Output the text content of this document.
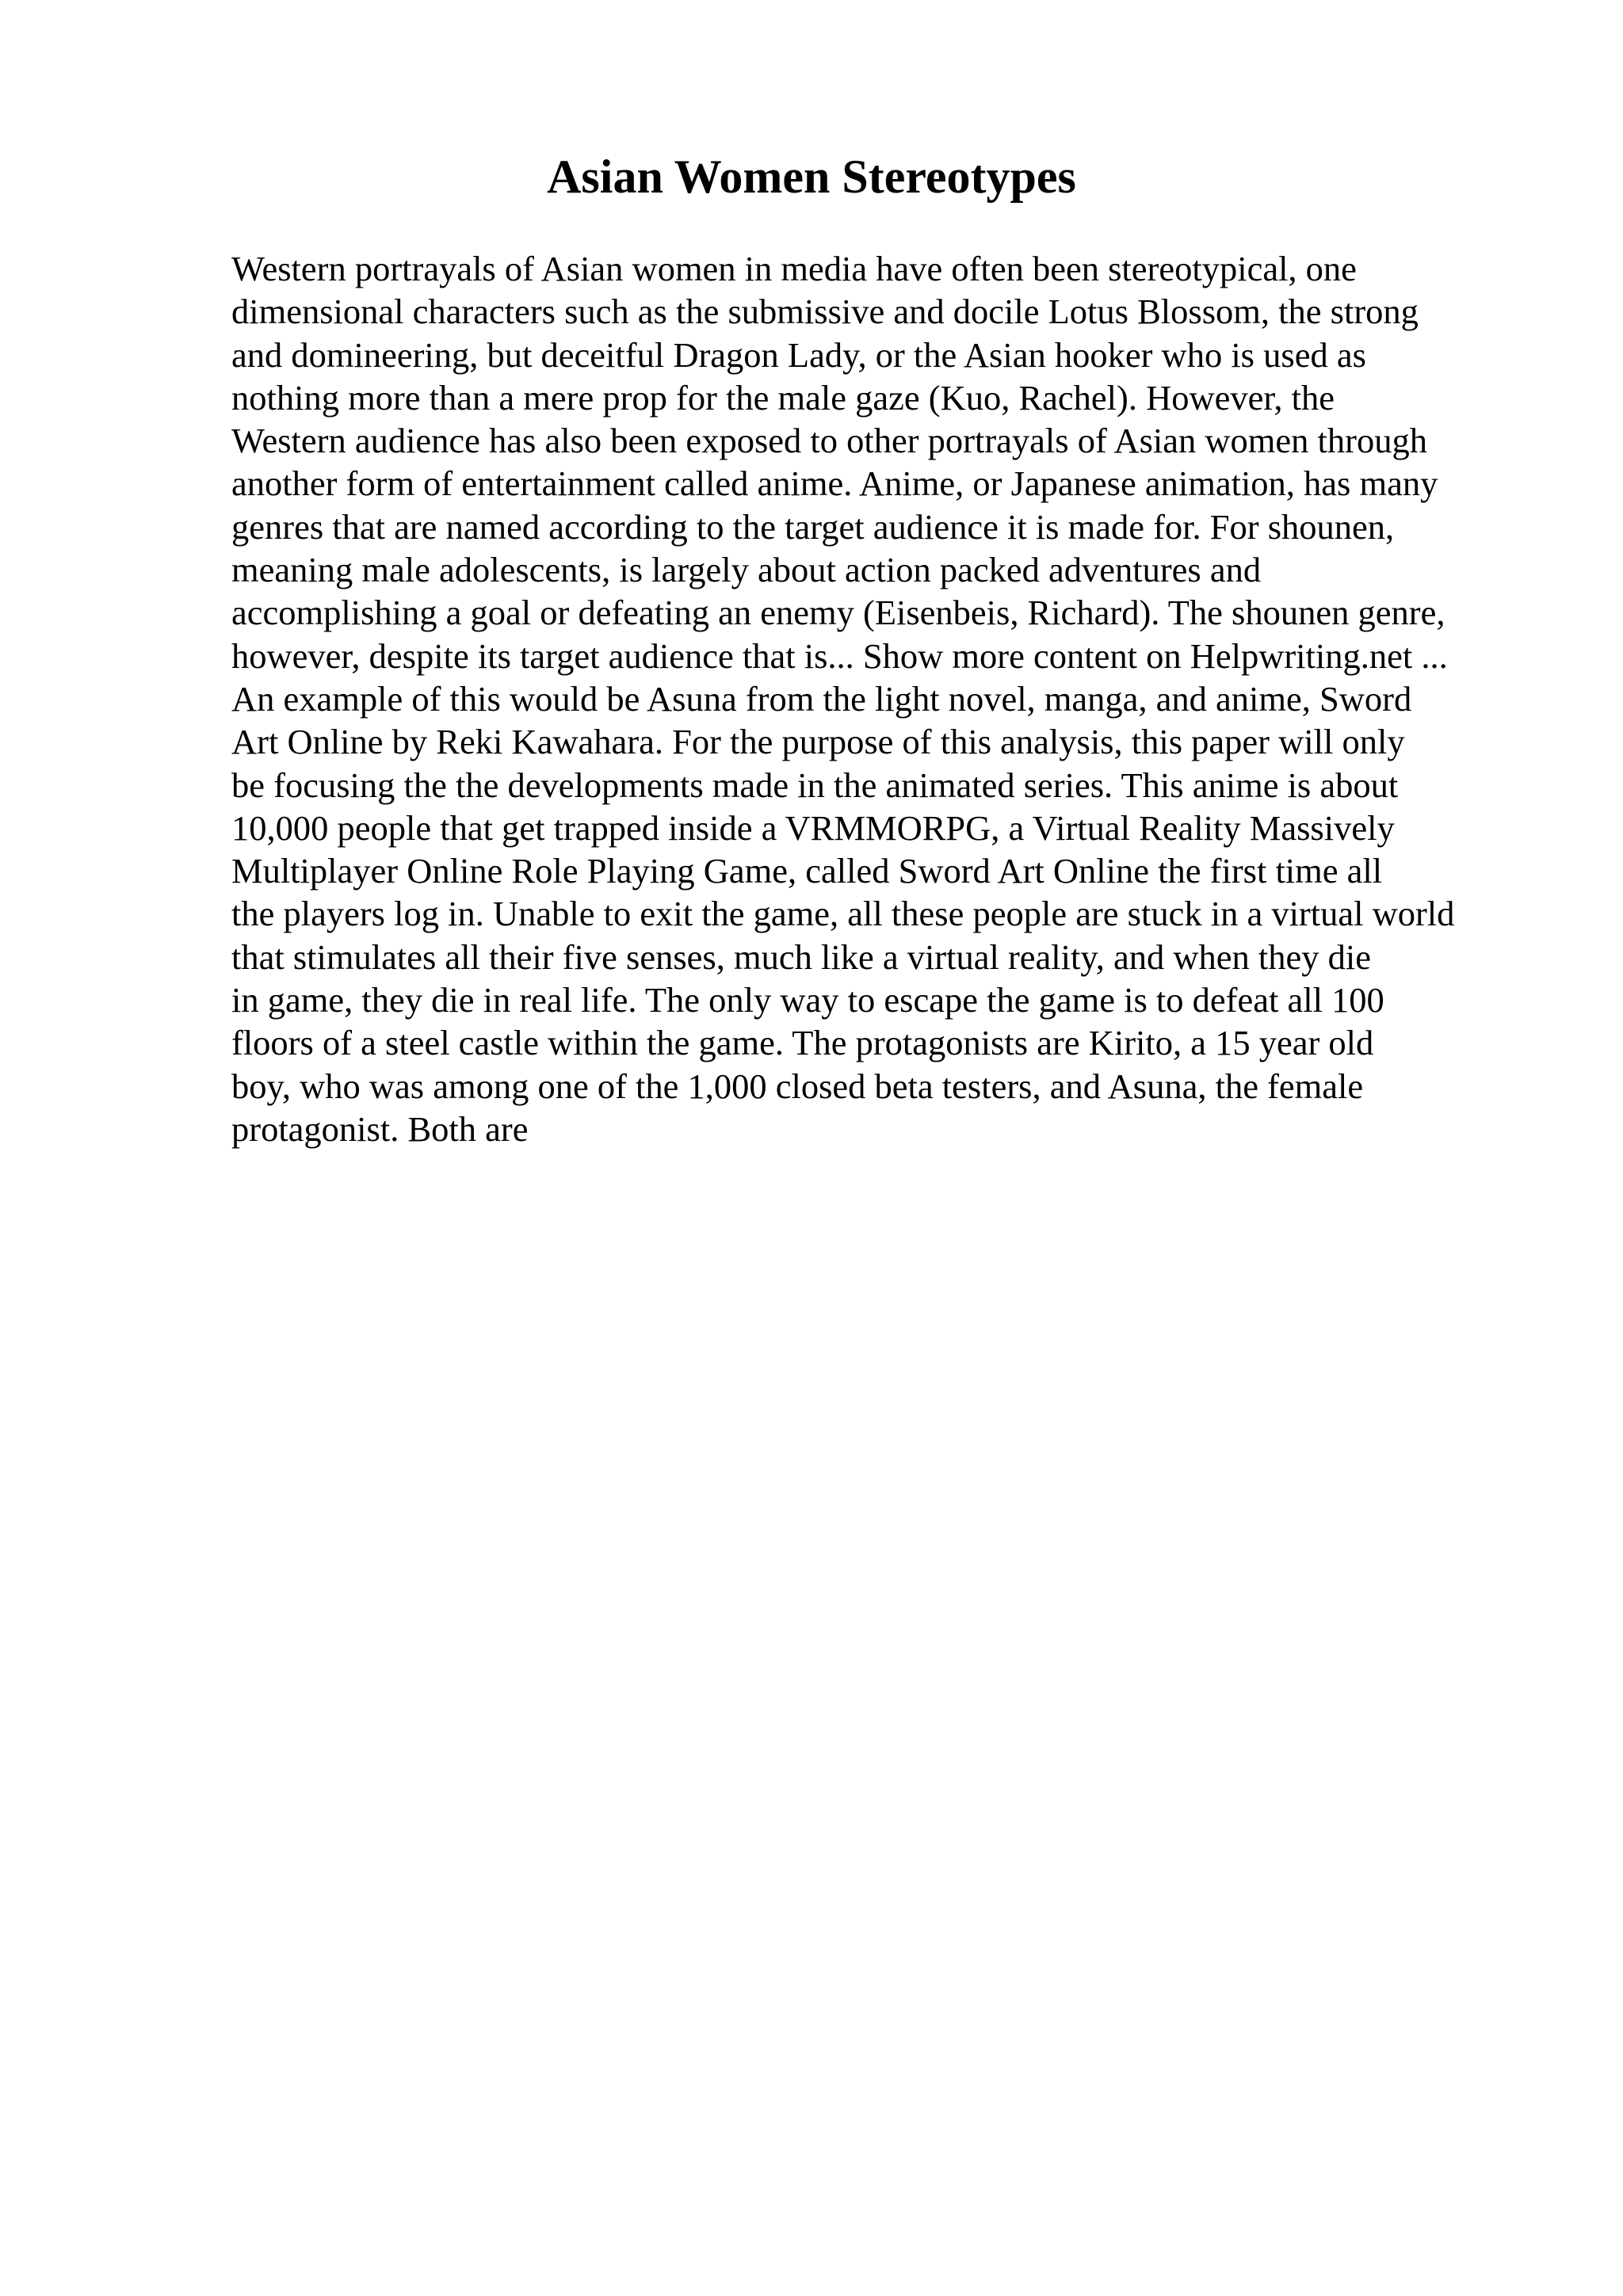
Asian Women Stereotypes
Western portrayals of Asian women in media have often been stereotypical, one
dimensional characters such as the submissive and docile Lotus Blossom, the strong
and domineering, but deceitful Dragon Lady, or the Asian hooker who is used as
nothing more than a mere prop for the male gaze (Kuo, Rachel). However, the
Western audience has also been exposed to other portrayals of Asian women through
another form of entertainment called anime. Anime, or Japanese animation, has many
genres that are named according to the target audience it is made for. For shounen,
meaning male adolescents, is largely about action packed adventures and
accomplishing a goal or defeating an enemy (Eisenbeis, Richard). The shounen genre,
however, despite its target audience that is... Show more content on Helpwriting.net ...
An example of this would be Asuna from the light novel, manga, and anime, Sword
Art Online by Reki Kawahara. For the purpose of this analysis, this paper will only
be focusing the the developments made in the animated series. This anime is about
10,000 people that get trapped inside a VRMMORPG, a Virtual Reality Massively
Multiplayer Online Role Playing Game, called Sword Art Online the first time all
the players log in. Unable to exit the game, all these people are stuck in a virtual world
that stimulates all their five senses, much like a virtual reality, and when they die
in game, they die in real life. The only way to escape the game is to defeat all 100
floors of a steel castle within the game. The protagonists are Kirito, a 15 year old
boy, who was among one of the 1,000 closed beta testers, and Asuna, the female
protagonist. Both are
